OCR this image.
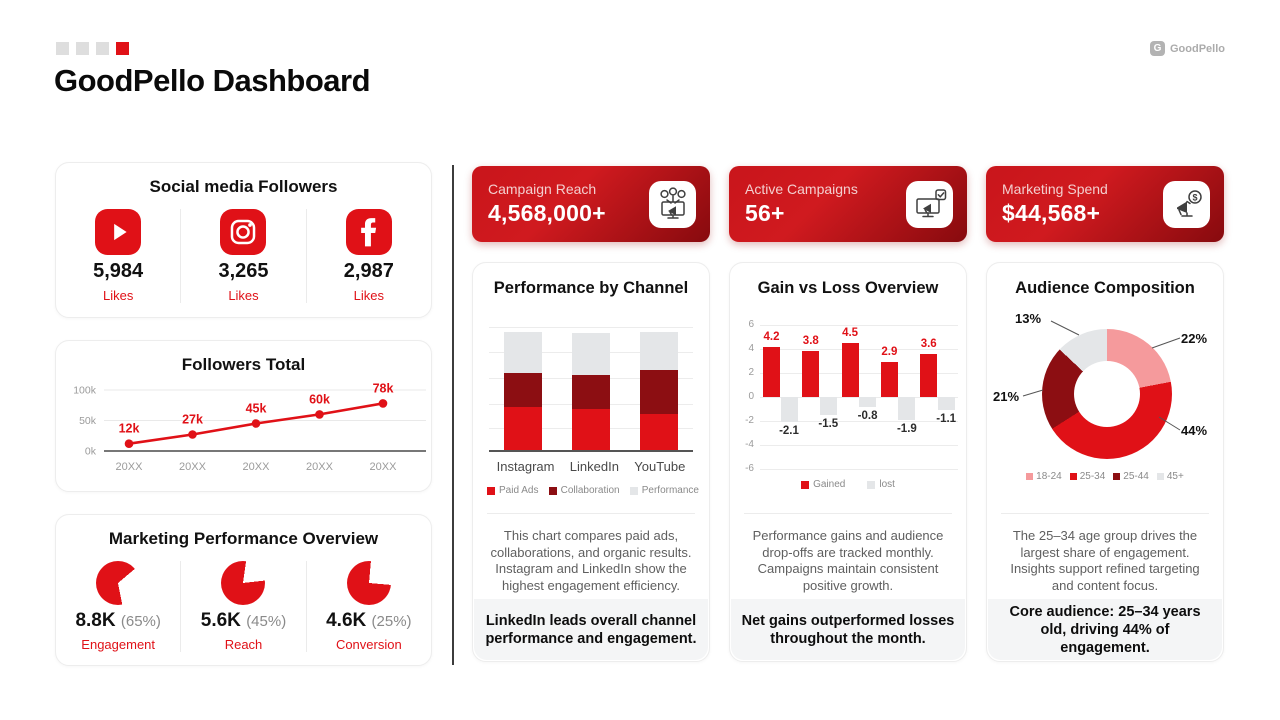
GoodPello Dashboard
G GoodPello
Social media Followers
5,984
Likes
3,265
Likes
2,987
Likes
Followers Total
100k
50k
0k
12k
20XX
27k
20XX
45k
20XX
60k
20XX
78k
20XX
Marketing Performance Overview
8.8K (65%)
Engagement
5.6K (45%)
Reach
4.6K (25%)
Conversion
Campaign Reach
4,568,000+
Performance by Channel
Instagram LinkedIn YouTube
Paid Ads Collaboration Performance
This chart compares paid ads, collaborations, and organic results. Instagram and LinkedIn show the highest engagement efficiency.
LinkedIn leads overall channel performance and engagement.
Active Campaigns
56+
Gain vs Loss Overview
6
4
2
0
-2
-4
-6
4.2
-2.1
3.8
-1.5
4.5
-0.8
2.9
-1.9
3.6
-1.1
Gained	lost
Performance gains and audience drop-offs are tracked monthly. Campaigns maintain consistent positive growth.
Net gains outperformed losses throughout the month.
Marketing Spend
$44,568+
$
Audience Composition
13%
22%
21%
44%
18-24 25-34 25-44 45+
The 25–34 age group drives the largest share of engagement. Insights support refined targeting and content focus.
Core audience: 25–34 years old, driving 44% of engagement.
